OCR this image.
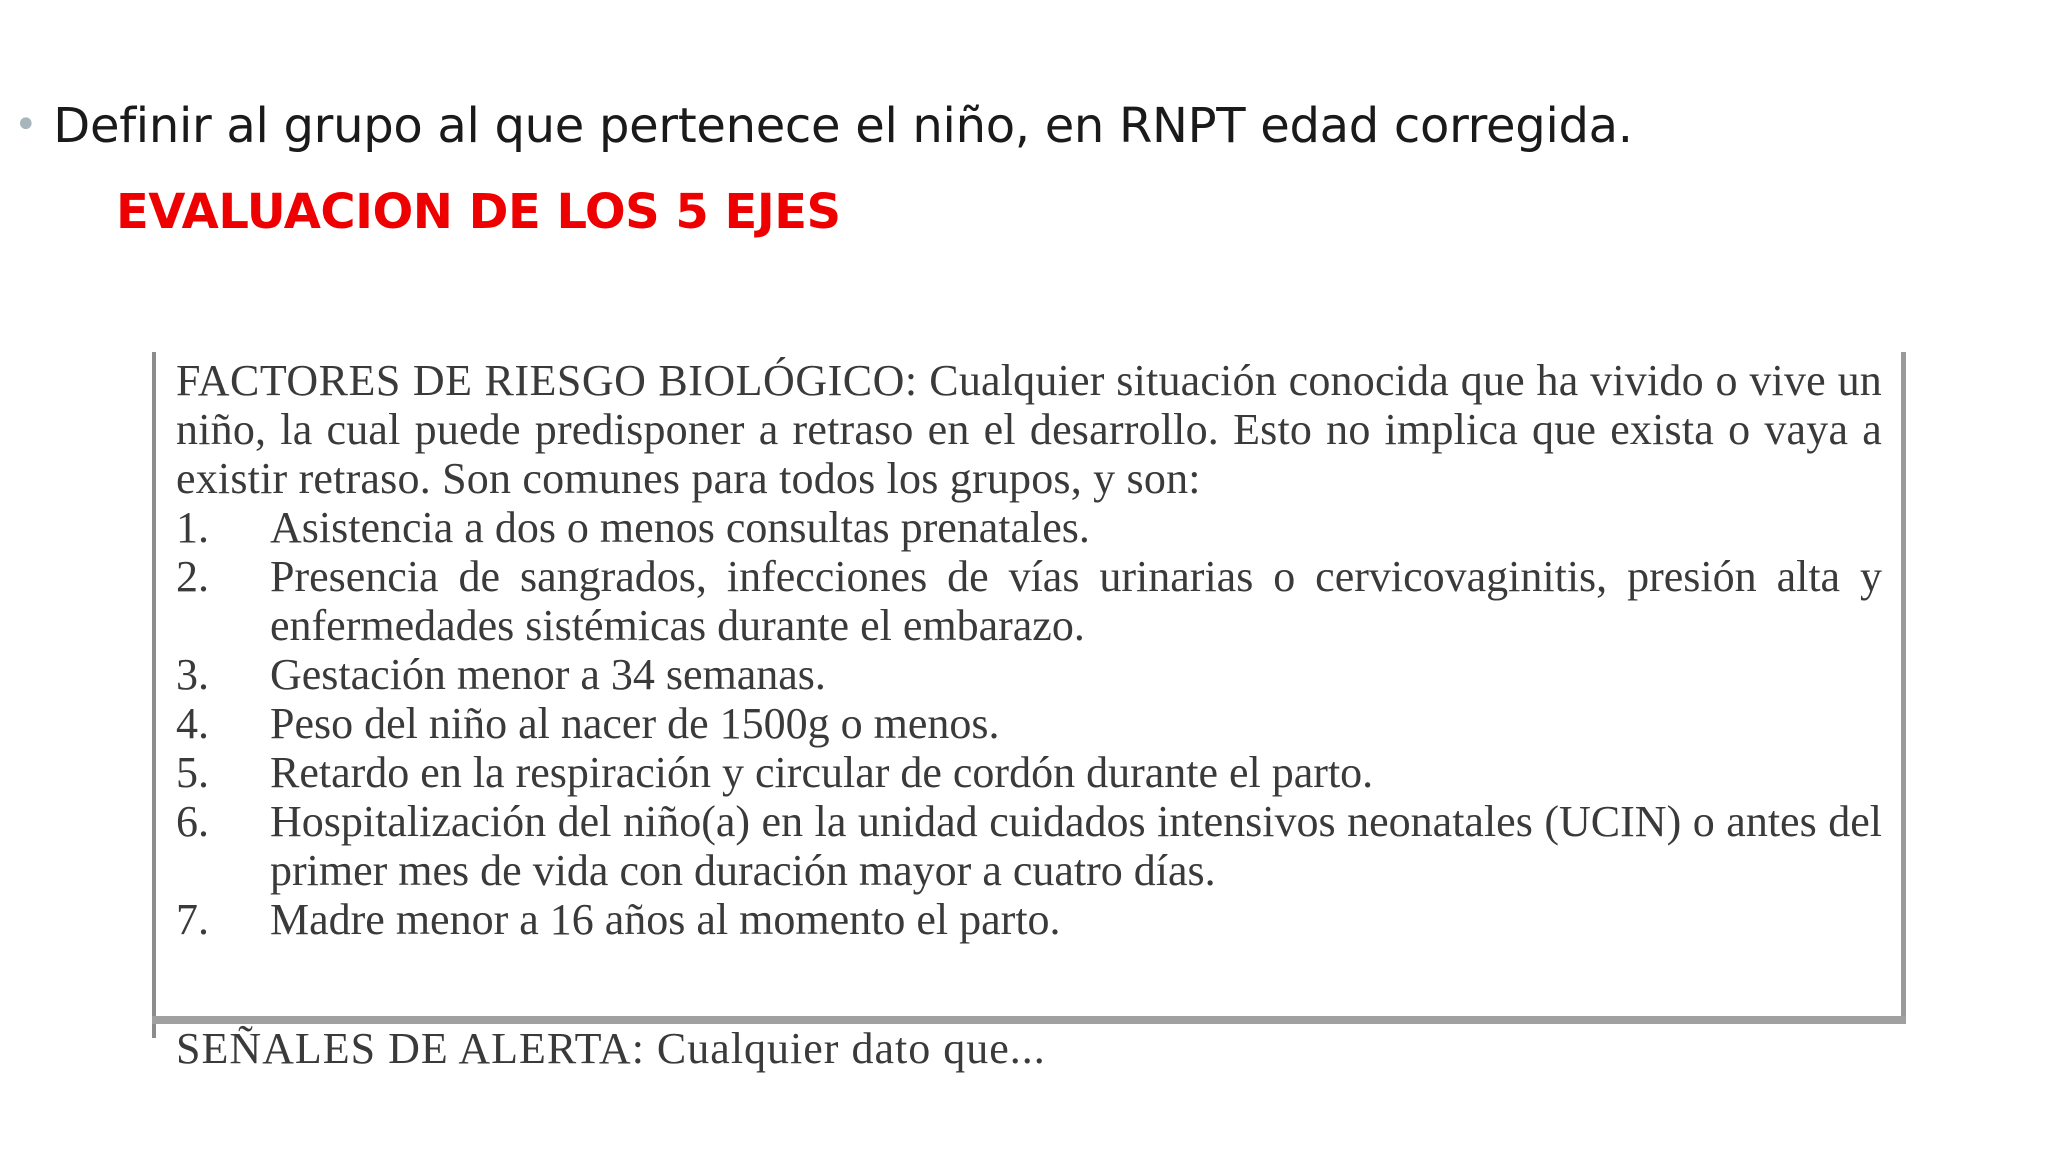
• Definir al grupo al que pertenece el niño, en RNPT edad corregida.
EVALUACION DE LOS 5 EJES

FACTORES DE RIESGO BIOLÓGICO: Cualquier situación conocida que ha vivido o vive un niño, la cual puede predisponer a retraso en el desarrollo. Esto no implica que exista o vaya a existir retraso. Son comunes para todos los grupos, y son:

1.	Asistencia a dos o menos consultas prenatales.
2.	Presencia de sangrados, infecciones de vías urinarias o cervicovaginitis, presión alta y enfermedades sistémicas durante el embarazo.
3.	Gestación menor a 34 semanas.
4.	Peso del niño al nacer de 1500g o menos.
5.	Retardo en la respiración y circular de cordón durante el parto.
6.	Hospitalización del niño(a) en la unidad cuidados intensivos neonatales (UCIN) o antes del primer mes de vida con duración mayor a cuatro días.
7.	Madre menor a 16 años al momento el parto.
SEÑALES DE ALERTA: Cualquier dato que...
